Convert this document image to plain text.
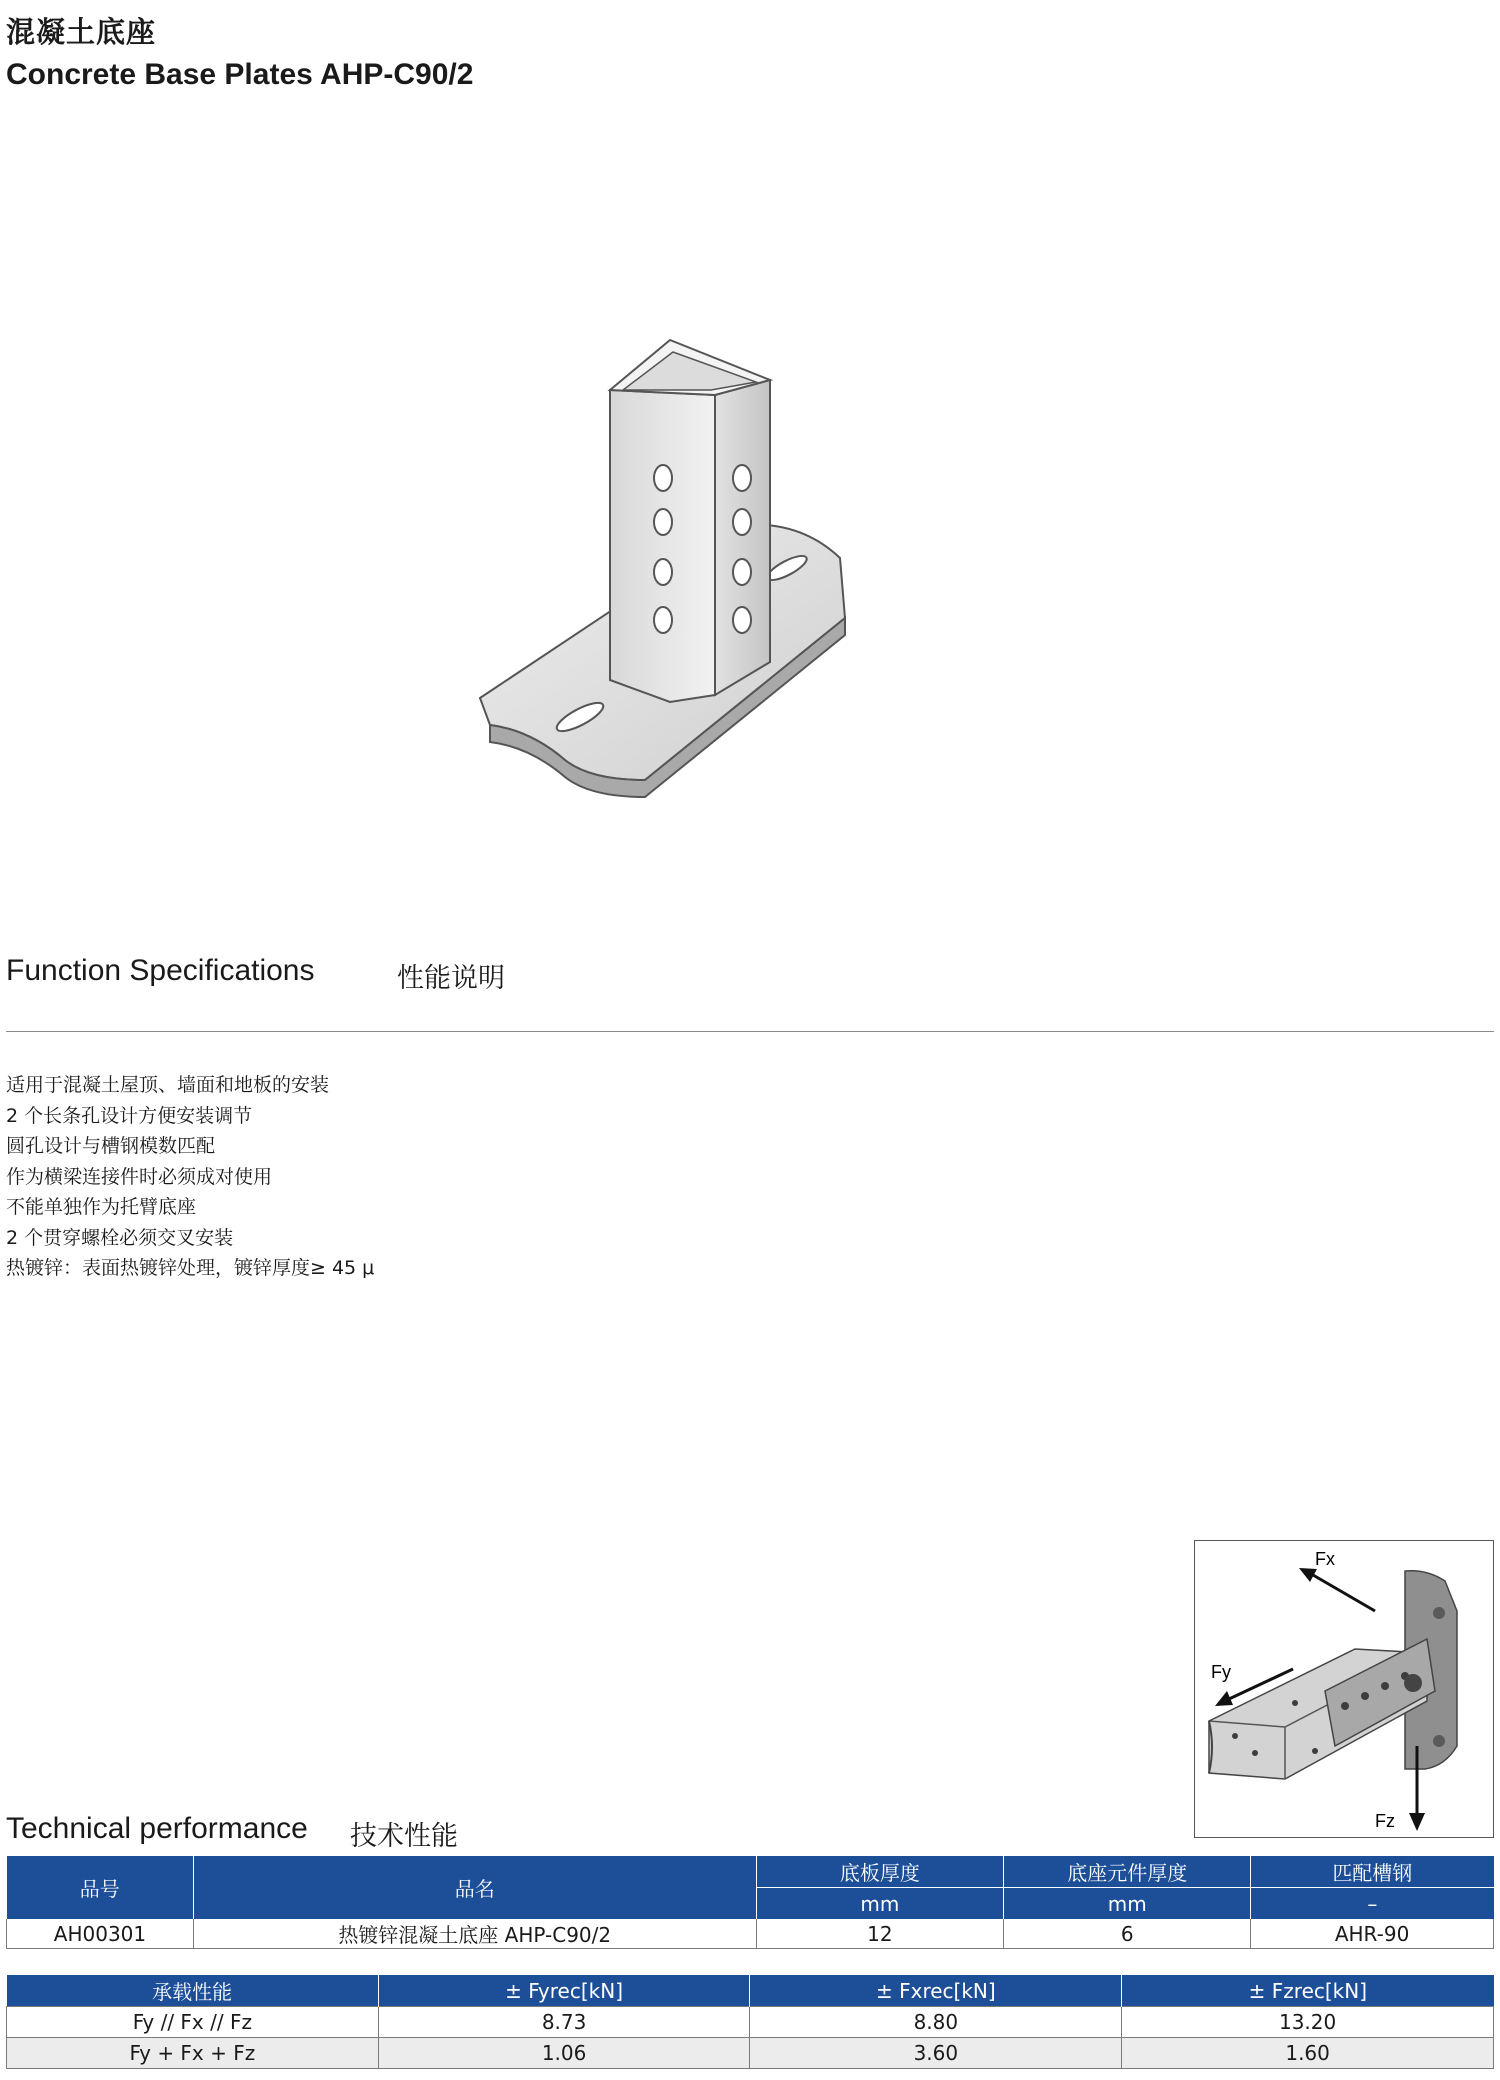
混凝土底座
Concrete Base Plates AHP-C90/2
Function Specifications	性能说明
适用于混凝土屋顶、墙面和地板的安装
2 个长条孔设计方便安装调节
圆孔设计与槽钢模数匹配
作为横梁连接件时必须成对使用
不能单独作为托臂底座
2 个贯穿螺栓必须交叉安装
热镀锌：表面热镀锌处理，镀锌厚度≥ 45 μ
Fx
Fy
Fz
Technical performance 技术性能
品号	品名	底板厚度	底座元件厚度	匹配槽钢
		mm	mm	–
AH00301	热镀锌混凝土底座 AHP-C90/2	12	6	AHR-90
承载性能	± Fyrec[kN]	± Fxrec[kN]	± Fzrec[kN]
Fy // Fx // Fz	8.73	8.80	13.20
Fy + Fx + Fz	1.06	3.60	1.60
